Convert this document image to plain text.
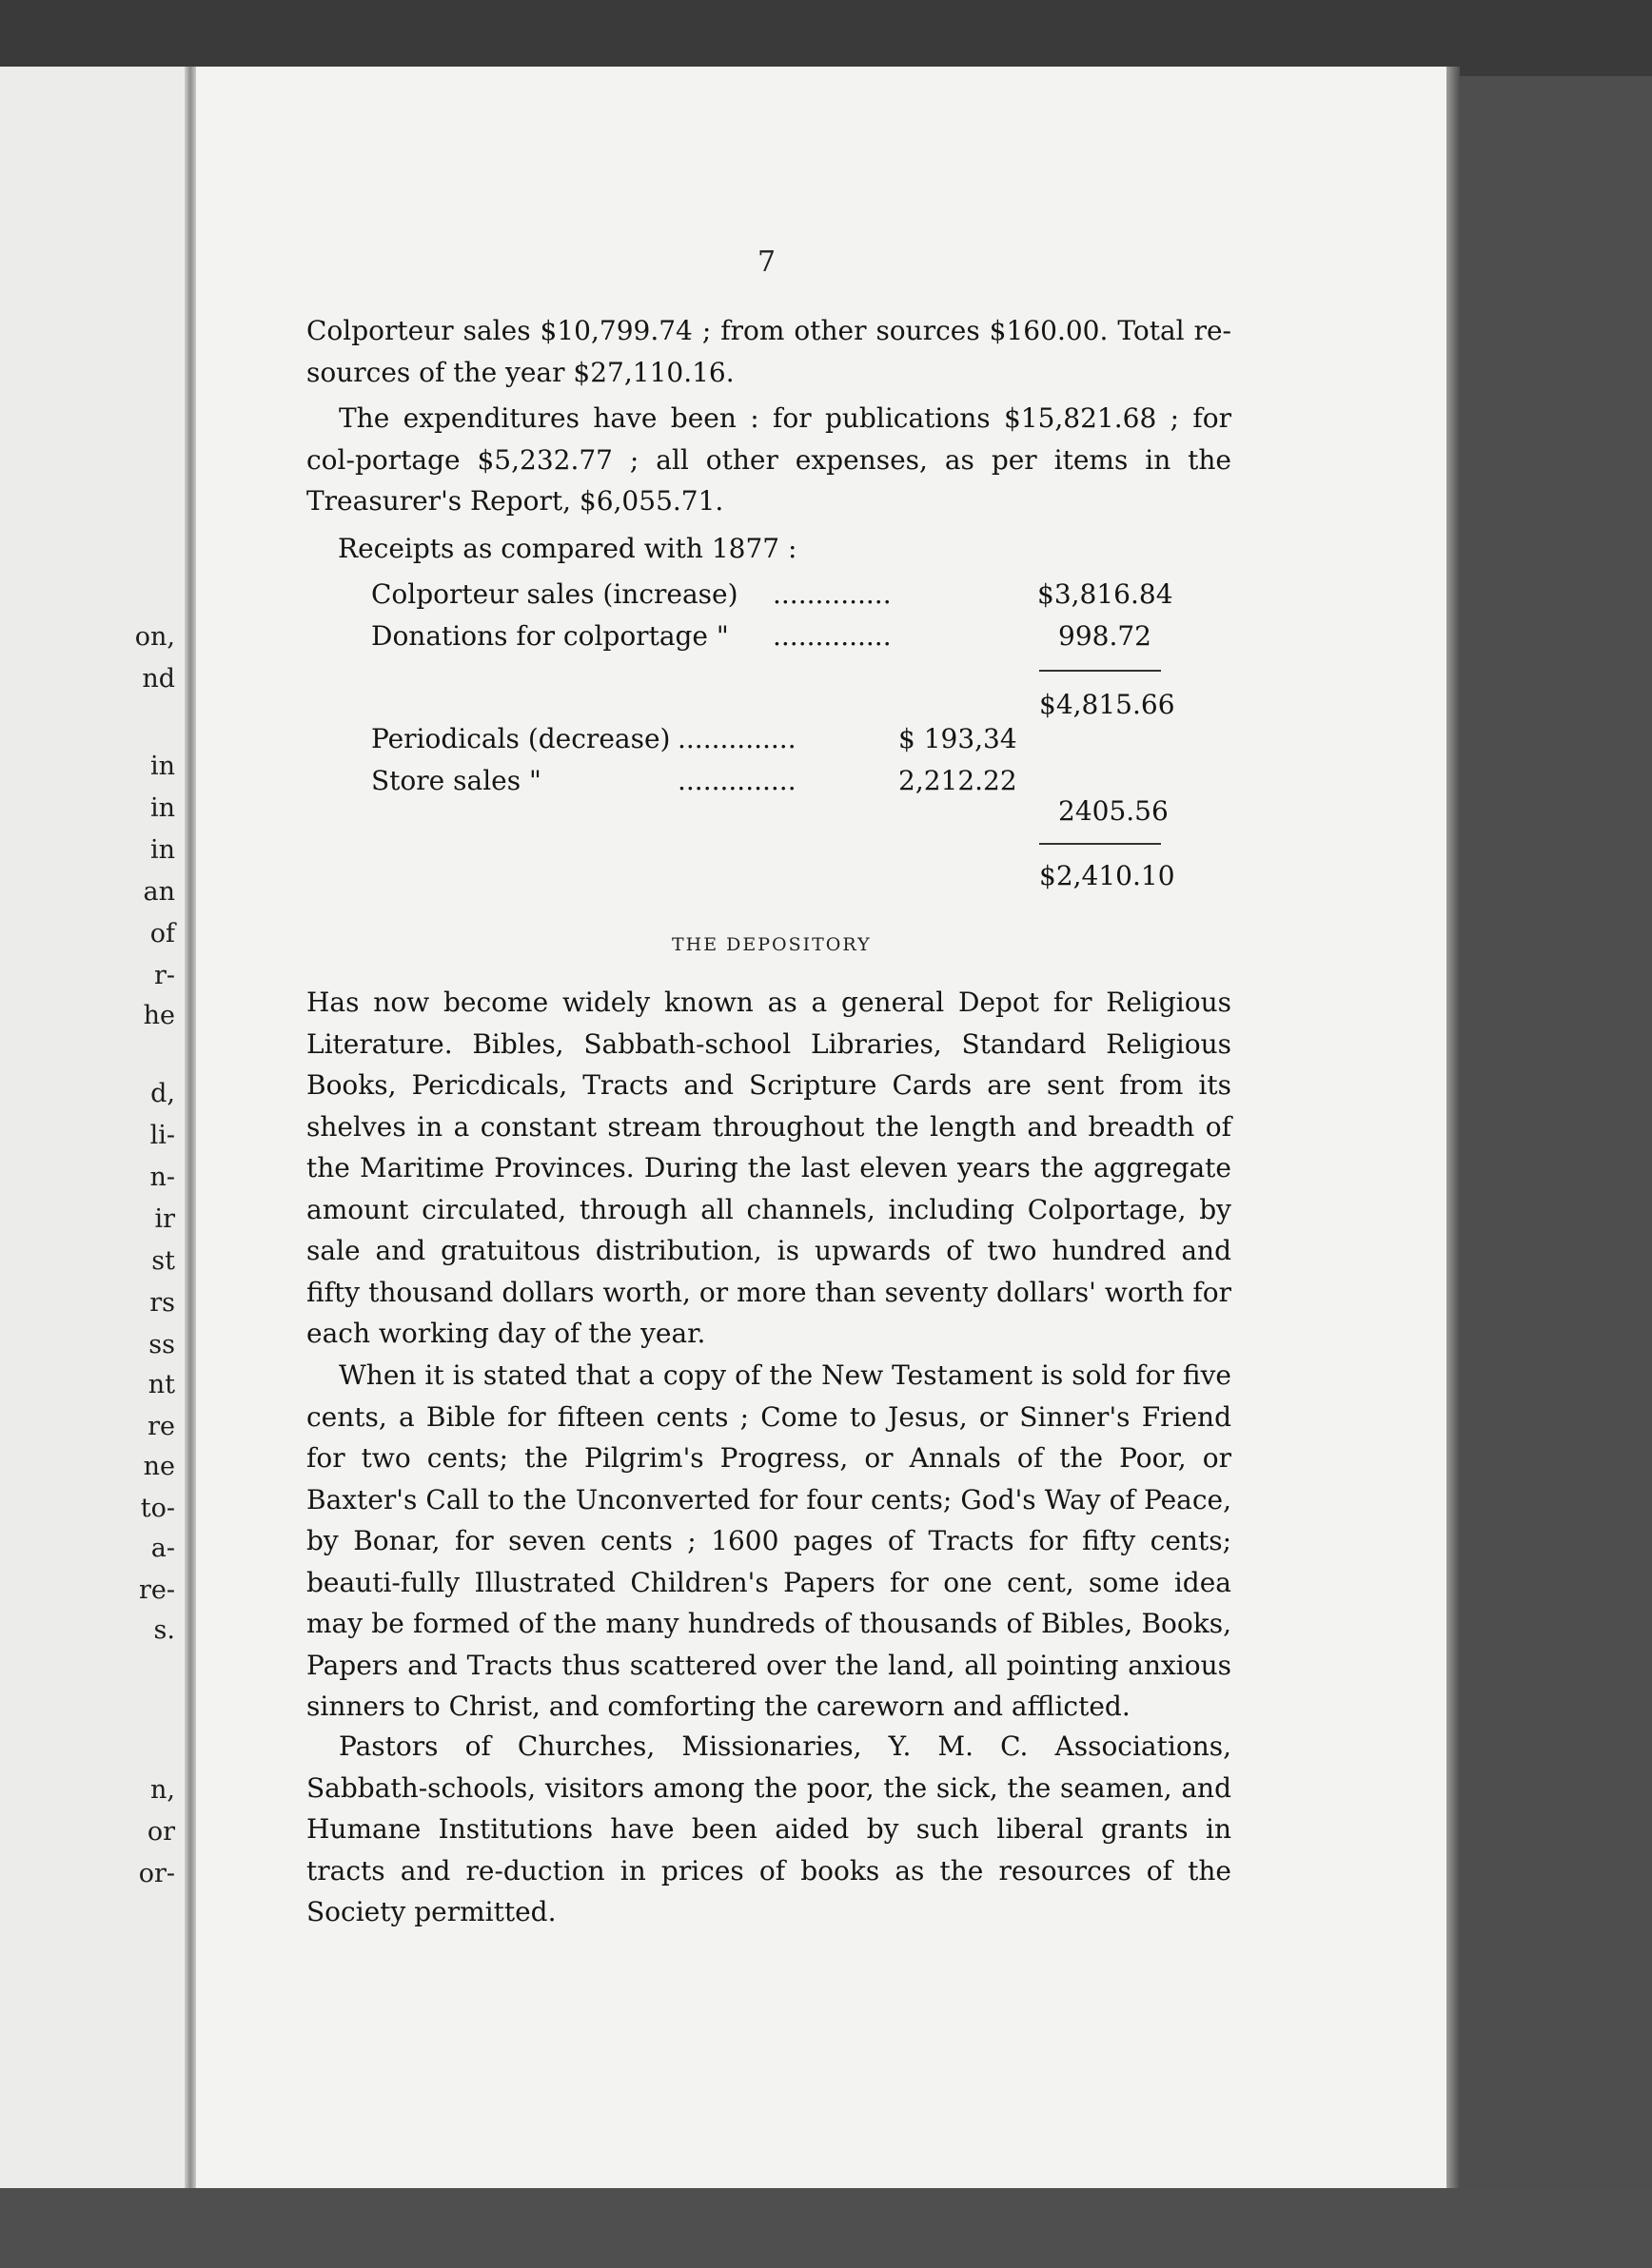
on,
nd
in
in
in
an
of
r-
he
d,
li-
n-
ir
st
rs
ss
nt
re
ne
to-
a-
re-
s.
n,
or
or-
7

Colporteur sales $10,799.74 ; from other sources $160.00. Total re-sources of the year $27,110.16.

The expenditures have been : for publications $15,821.68 ; for col-portage $5,232.77 ; all other expenses, as per items in the Treasurer's Report, $6,055.71.

Receipts as compared with 1877 :
Colporteur sales (increase) ..............	$3,816.84
Donations for colportage " ..............	998.72
$4,815.66
Periodicals (decrease) ..............	$ 193,34
Store sales "	..............	2,212.22
2405.56
$2,410.10
THE DEPOSITORY

Has now become widely known as a general Depot for Religious Literature. Bibles, Sabbath-school Libraries, Standard Religious Books, Pericdicals, Tracts and Scripture Cards are sent from its shelves in a constant stream throughout the length and breadth of the Maritime Provinces. During the last eleven years the aggregate amount circulated, through all channels, including Colportage, by sale and gratuitous distribution, is upwards of two hundred and fifty thousand dollars worth, or more than seventy dollars' worth for each working day of the year.

When it is stated that a copy of the New Testament is sold for five cents, a Bible for fifteen cents ; Come to Jesus, or Sinner's Friend for two cents; the Pilgrim's Progress, or Annals of the Poor, or Baxter's Call to the Unconverted for four cents; God's Way of Peace, by Bonar, for seven cents ; 1600 pages of Tracts for fifty cents; beauti-fully Illustrated Children's Papers for one cent, some idea may be formed of the many hundreds of thousands of Bibles, Books, Papers and Tracts thus scattered over the land, all pointing anxious sinners to Christ, and comforting the careworn and afflicted.

Pastors of Churches, Missionaries, Y. M. C. Associations, Sabbath-schools, visitors among the poor, the sick, the seamen, and Humane Institutions have been aided by such liberal grants in tracts and re-duction in prices of books as the resources of the Society permitted.
